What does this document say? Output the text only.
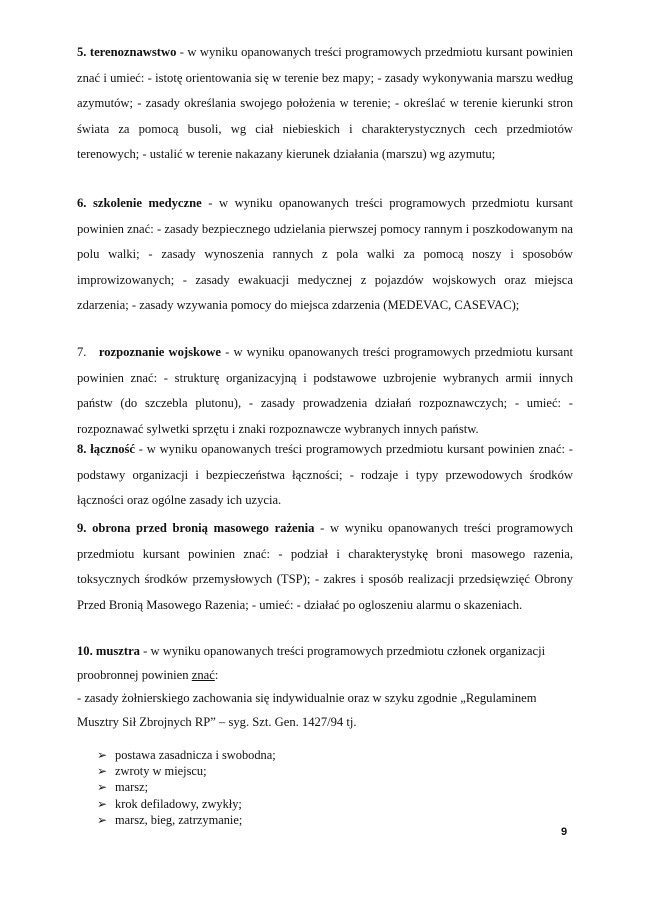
5. terenoznawstwo - w wyniku opanowanych treści programowych przedmiotu kursant powinien znać i umieć: - istotę orientowania się w terenie bez mapy; - zasady wykonywania marszu według azymutów; - zasady określania swojego położenia w terenie; - określać w terenie kierunki stron świata za pomocą busoli, wg ciał niebieskich i charakterystycznych cech przedmiotów terenowych; - ustalić w terenie nakazany kierunek działania (marszu) wg azymutu;

6. szkolenie medyczne - w wyniku opanowanych treści programowych przedmiotu kursant powinien znać: - zasady bezpiecznego udzielania pierwszej pomocy rannym i poszkodowanym na polu walki; - zasady wynoszenia rannych z pola walki za pomocą noszy i sposobów improwizowanych; - zasady ewakuacji medycznej z pojazdów wojskowych oraz miejsca zdarzenia; - zasady wzywania pomocy do miejsca zdarzenia (MEDEVAC, CASEVAC);

7. rozpoznanie wojskowe - w wyniku opanowanych treści programowych przedmiotu kursant powinien znać: - strukturę organizacyjną i podstawowe uzbrojenie wybranych armii innych państw (do szczebla plutonu), - zasady prowadzenia działań rozpoznawczych; - umieć: - rozpoznawać sylwetki sprzętu i znaki rozpoznawcze wybranych innych państw.

8. łączność - w wyniku opanowanych treści programowych przedmiotu kursant powinien znać: - podstawy organizacji i bezpieczeństwa łączności; - rodzaje i typy przewodowych środków łączności oraz ogólne zasady ich uzycia.

9. obrona przed bronią masowego rażenia - w wyniku opanowanych treści programowych przedmiotu kursant powinien znać: - podział i charakterystykę broni masowego razenia, toksycznych środków przemysłowych (TSP); - zakres i sposób realizacji przedsięwzięć Obrony Przed Bronią Masowego Razenia; - umieć: - działać po ogloszeniu alarmu o skazeniach.

10. musztra - w wyniku opanowanych treści programowych przedmiotu członek organizacji
proobronnej powinien znać:
- zasady żołnierskiego zachowania się indywidualnie oraz w szyku zgodnie „Regulaminem
Musztry Sił Zbrojnych RP” – syg. Szt. Gen. 1427/94 tj.

➢ postawa zasadnicza i swobodna;
➢ zwroty w miejscu;
➢ marsz;
➢ krok defiladowy, zwykły;
➢ marsz, bieg, zatrzymanie;
9
